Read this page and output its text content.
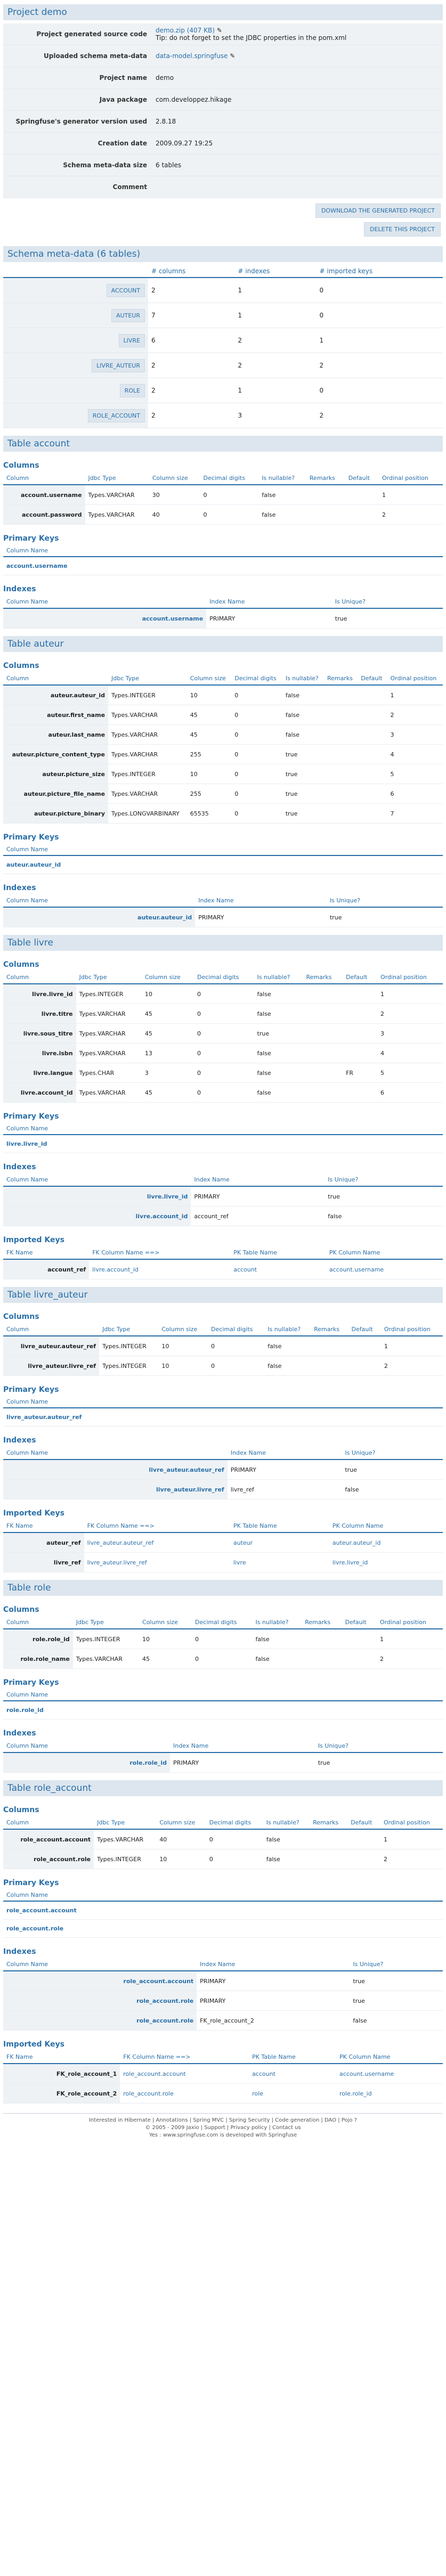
Project demo
Project generated source code	demo.zip (407 KB) ✎
Tip: do not forget to set the JDBC properties in the pom.xml
Uploaded schema meta-data	data-model.springfuse ✎
Project name	demo
Java package	com.developpez.hikage
Springfuse's generator version used	2.8.18
Creation date	2009.09.27 19:25
Schema meta-data size	6 tables
Comment	
DOWNLOAD THE GENERATED PROJECT
DELETE THIS PROJECT
Schema meta-data (6 tables)
	# columns	# indexes	# imported keys
ACCOUNT	2	1	0
AUTEUR	7	1	0
LIVRE	6	2	1
LIVRE_AUTEUR	2	2	2
ROLE	2	1	0
ROLE_ACCOUNT	2	3	2
Table account
Columns
Column	Jdbc Type	Column size	Decimal digits	Is nullable?	Remarks	Default	Ordinal position
account.username	Types.VARCHAR	30	0	false			1
account.password	Types.VARCHAR	40	0	false			2
Primary Keys
Column Name
account.username
Indexes
Column Name	Index Name	Is Unique?
account.username	PRIMARY	true
Table auteur
Columns
Column	Jdbc Type	Column size	Decimal digits	Is nullable?	Remarks	Default	Ordinal position
auteur.auteur_id	Types.INTEGER	10	0	false			1
auteur.first_name	Types.VARCHAR	45	0	false			2
auteur.last_name	Types.VARCHAR	45	0	false			3
auteur.picture_content_type	Types.VARCHAR	255	0	true			4
auteur.picture_size	Types.INTEGER	10	0	true			5
auteur.picture_file_name	Types.VARCHAR	255	0	true			6
auteur.picture_binary	Types.LONGVARBINARY	65535	0	true			7
Primary Keys
Column Name
auteur.auteur_id
Indexes
Column Name	Index Name	Is Unique?
auteur.auteur_id	PRIMARY	true
Table livre
Columns
Column	Jdbc Type	Column size	Decimal digits	Is nullable?	Remarks	Default	Ordinal position
livre.livre_id	Types.INTEGER	10	0	false			1
livre.titre	Types.VARCHAR	45	0	false			2
livre.sous_titre	Types.VARCHAR	45	0	true			3
livre.isbn	Types.VARCHAR	13	0	false			4
livre.langue	Types.CHAR	3	0	false		FR	5
livre.account_id	Types.VARCHAR	45	0	false			6
Primary Keys
Column Name
livre.livre_id
Indexes
Column Name	Index Name	Is Unique?
livre.livre_id	PRIMARY	true
livre.account_id	account_ref	false
Imported Keys
FK Name	FK Column Name ==>	PK Table Name	PK Column Name
account_ref	livre.account_id	account	account.username
Table livre_auteur
Columns
Column	Jdbc Type	Column size	Decimal digits	Is nullable?	Remarks	Default	Ordinal position
livre_auteur.auteur_ref	Types.INTEGER	10	0	false			1
livre_auteur.livre_ref	Types.INTEGER	10	0	false			2
Primary Keys
Column Name
livre_auteur.auteur_ref
Indexes
Column Name	Index Name	Is Unique?
livre_auteur.auteur_ref	PRIMARY	true
livre_auteur.livre_ref	livre_ref	false
Imported Keys
FK Name	FK Column Name ==>	PK Table Name	PK Column Name
auteur_ref	livre_auteur.auteur_ref	auteur	auteur.auteur_id
livre_ref	livre_auteur.livre_ref	livre	livre.livre_id
Table role
Columns
Column	Jdbc Type	Column size	Decimal digits	Is nullable?	Remarks	Default	Ordinal position
role.role_id	Types.INTEGER	10	0	false			1
role.role_name	Types.VARCHAR	45	0	false			2
Primary Keys
Column Name
role.role_id
Indexes
Column Name	Index Name	Is Unique?
role.role_id	PRIMARY	true
Table role_account
Columns
Column	Jdbc Type	Column size	Decimal digits	Is nullable?	Remarks	Default	Ordinal position
role_account.account	Types.VARCHAR	40	0	false			1
role_account.role	Types.INTEGER	10	0	false			2
Primary Keys
Column Name
role_account.account
role_account.role
Indexes
Column Name	Index Name	Is Unique?
role_account.account	PRIMARY	true
role_account.role	PRIMARY	true
role_account.role	FK_role_account_2	false
Imported Keys
FK Name	FK Column Name ==>	PK Table Name	PK Column Name
FK_role_account_1	role_account.account	account	account.username
FK_role_account_2	role_account.role	role	role.role_id
Interested in Hibernate | Annotations | Spring MVC | Spring Security | Code generation | DAO | Pojo ?
© 2005 - 2009 Jaxio | Support | Privacy policy | Contact us
Yes : www.springfuse.com is developed with Springfuse
